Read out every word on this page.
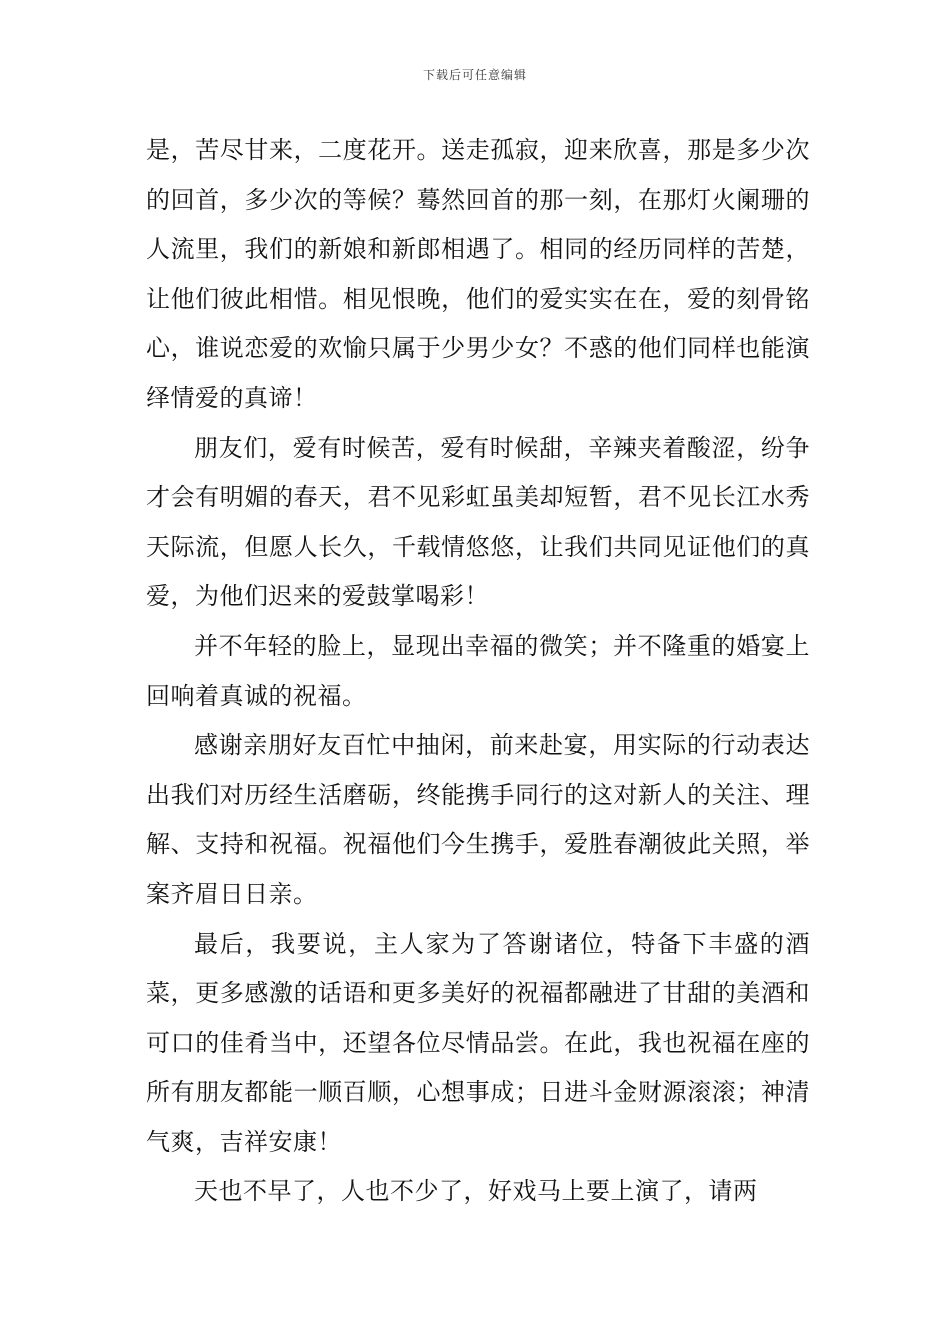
下载后可任意编辑

是，苦尽甘来，二度花开。送走孤寂，迎来欣喜，那是多少次的回首，多少次的等候？蓦然回首的那一刻，在那灯火阑珊的人流里，我们的新娘和新郎相遇了。相同的经历同样的苦楚，让他们彼此相惜。相见恨晚，他们的爱实实在在，爱的刻骨铭心，谁说恋爱的欢愉只属于少男少女？不惑的他们同样也能演绎情爱的真谛！

朋友们，爱有时候苦，爱有时候甜，辛辣夹着酸涩，纷争才会有明媚的春天，君不见彩虹虽美却短暂，君不见长江水秀天际流，但愿人长久，千载情悠悠，让我们共同见证他们的真爱，为他们迟来的爱鼓掌喝彩！

并不年轻的脸上，显现出幸福的微笑；并不隆重的婚宴上回响着真诚的祝福。

感谢亲朋好友百忙中抽闲，前来赴宴，用实际的行动表达出我们对历经生活磨砺，终能携手同行的这对新人的关注、理解、支持和祝福。祝福他们今生携手，爱胜春潮彼此关照，举案齐眉日日亲。

最后，我要说，主人家为了答谢诸位，特备下丰盛的酒菜，更多感激的话语和更多美好的祝福都融进了甘甜的美酒和可口的佳肴当中，还望各位尽情品尝。在此，我也祝福在座的所有朋友都能一顺百顺，心想事成；日进斗金财源滚滚；神清气爽，吉祥安康！

天也不早了，人也不少了，好戏马上要上演了，请两
